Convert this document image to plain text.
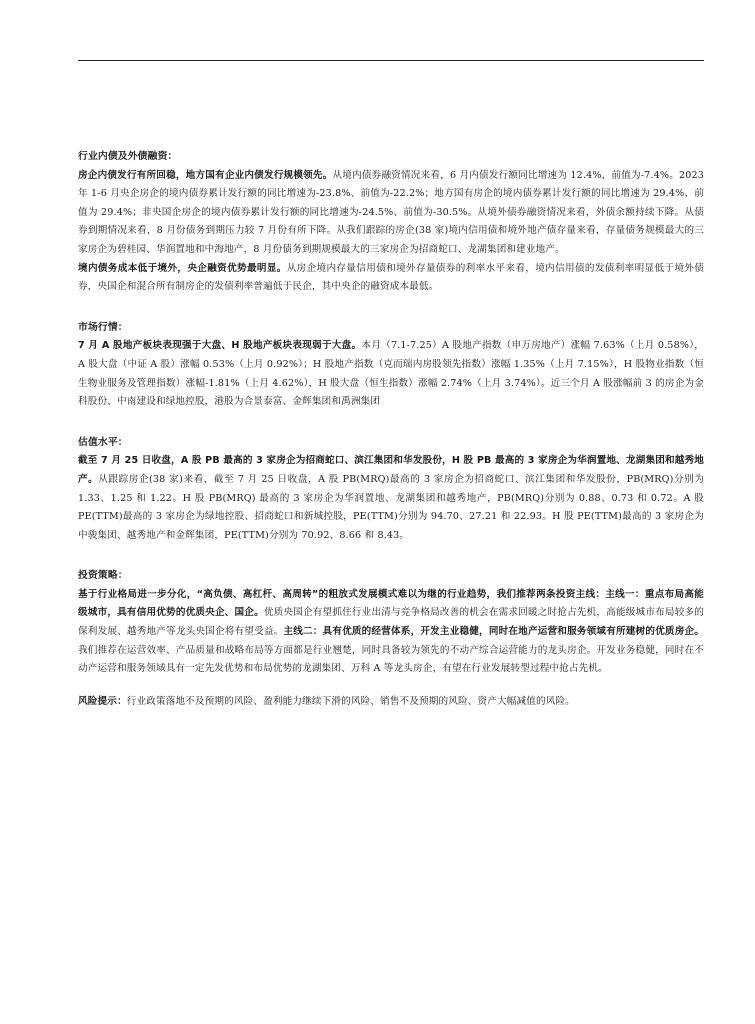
行业内债及外债融资：

房企内债发行有所回稳，地方国有企业内债发行规模领先。从境内债券融资情况来看，6 月内债发行额同比增速为 12.4%，前值为-7.4%。2023 年 1-6 月央企房企的境内债券累计发行额的同比增速为-23.8%、前值为-22.2%；地方国有房企的境内债券累计发行额的同比增速为 29.4%、前值为 29.4%；非央国企房企的境内债券累计发行额的同比增速为-24.5%、前值为-30.5%。从境外债券融资情况来看，外债余额持续下降。从债券到期情况来看，8 月份债务到期压力较 7 月份有所下降。从我们跟踪的房企(38 家)境内信用债和境外地产债存量来看，存量债务规模最大的三家房企为碧桂园、华润置地和中海地产，8 月份债务到期规模最大的三家房企为招商蛇口、龙湖集团和建业地产。

境内债务成本低于境外，央企融资优势最明显。从房企境内存量信用债和境外存量债券的利率水平来看，境内信用债的发债利率明显低于境外债券，央国企和混合所有制房企的发债利率普遍低于民企，其中央企的融资成本最低。

市场行情：

7 月 A 股地产板块表现强于大盘、H 股地产板块表现弱于大盘。本月（7.1-7.25）A 股地产指数（申万房地产）涨幅 7.63%（上月 0.58%），A 股大盘（中证 A 股）涨幅 0.53%（上月 0.92%）；H 股地产指数（克而瑞内房股领先指数）涨幅 1.35%（上月 7.15%），H 股物业指数（恒生物业服务及管理指数）涨幅-1.81%（上月 4.62%），H 股大盘（恒生指数）涨幅 2.74%（上月 3.74%）。近三个月 A 股涨幅前 3 的房企为金科股份、中南建设和绿地控股，港股为合景泰富、金辉集团和禹洲集团

估值水平：

截至 7 月 25 日收盘，A 股 PB 最高的 3 家房企为招商蛇口、滨江集团和华发股份，H 股 PB 最高的 3 家房企为华润置地、龙湖集团和越秀地产。从跟踪房企(38 家)来看，截至 7 月 25 日收盘，A 股 PB(MRQ)最高的 3 家房企为招商蛇口、滨江集团和华发股份，PB(MRQ)分别为 1.33、1.25 和 1.22。H 股 PB(MRQ) 最高的 3 家房企为华润置地、龙湖集团和越秀地产，PB(MRQ)分别为 0.88、0.73 和 0.72。A 股 PE(TTM)最高的 3 家房企为绿地控股、招商蛇口和新城控股，PE(TTM)分别为 94.70、27.21 和 22.93。H 股 PE(TTM)最高的 3 家房企为中骏集团、越秀地产和金辉集团，PE(TTM)分别为 70.92、8.66 和 8.43。

投资策略：

基于行业格局进一步分化，“高负债、高杠杆、高周转”的粗放式发展模式难以为继的行业趋势，我们推荐两条投资主线：主线一：重点布局高能级城市，具有信用优势的优质央企、国企。优质央国企有望抓住行业出清与竞争格局改善的机会在需求回暖之时抢占先机，高能级城市布局较多的保利发展、越秀地产等龙头央国企将有望受益。主线二：具有优质的经营体系，开发主业稳健，同时在地产运营和服务领域有所建树的优质房企。我们推荐在运营效率、产品质量和战略布局等方面都是行业翘楚，同时具备较为领先的不动产综合运营能力的龙头房企。开发业务稳健，同时在不动产运营和服务领域具有一定先发优势和布局优势的龙湖集团、万科 A 等龙头房企，有望在行业发展转型过程中抢占先机。

风险提示：行业政策落地不及预期的风险、盈利能力继续下滑的风险、销售不及预期的风险、资产大幅减值的风险。
